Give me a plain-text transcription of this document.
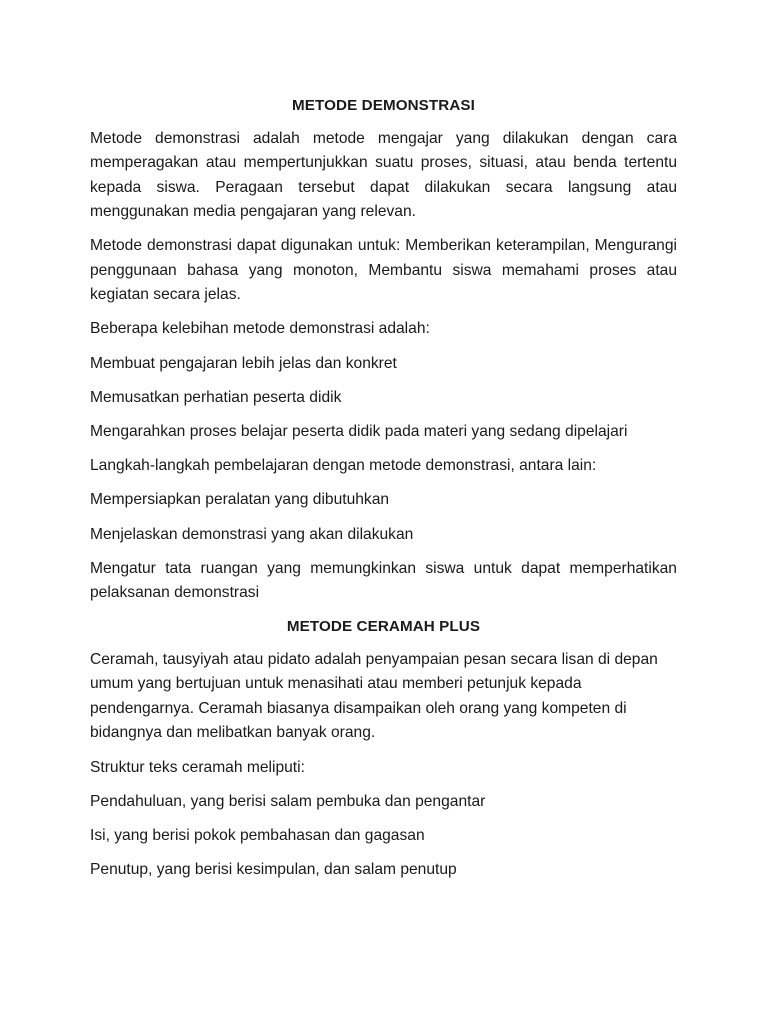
METODE DEMONSTRASI

Metode demonstrasi adalah metode mengajar yang dilakukan dengan cara memperagakan atau mempertunjukkan suatu proses, situasi, atau benda tertentu kepada siswa. Peragaan tersebut dapat dilakukan secara langsung atau menggunakan media pengajaran yang relevan.

Metode demonstrasi dapat digunakan untuk: Memberikan keterampilan, Mengurangi penggunaan bahasa yang monoton, Membantu siswa memahami proses atau kegiatan secara jelas.

Beberapa kelebihan metode demonstrasi adalah:

Membuat pengajaran lebih jelas dan konkret

Memusatkan perhatian peserta didik

Mengarahkan proses belajar peserta didik pada materi yang sedang dipelajari

Langkah-langkah pembelajaran dengan metode demonstrasi, antara lain:

Mempersiapkan peralatan yang dibutuhkan

Menjelaskan demonstrasi yang akan dilakukan

Mengatur tata ruangan yang memungkinkan siswa untuk dapat memperhatikan pelaksanan demonstrasi

METODE CERAMAH PLUS

Ceramah, tausyiyah atau pidato adalah penyampaian pesan secara lisan di depan umum yang bertujuan untuk menasihati atau memberi petunjuk kepada pendengarnya. Ceramah biasanya disampaikan oleh orang yang kompeten di bidangnya dan melibatkan banyak orang.

Struktur teks ceramah meliputi:

Pendahuluan, yang berisi salam pembuka dan pengantar

Isi, yang berisi pokok pembahasan dan gagasan

Penutup, yang berisi kesimpulan, dan salam penutup
